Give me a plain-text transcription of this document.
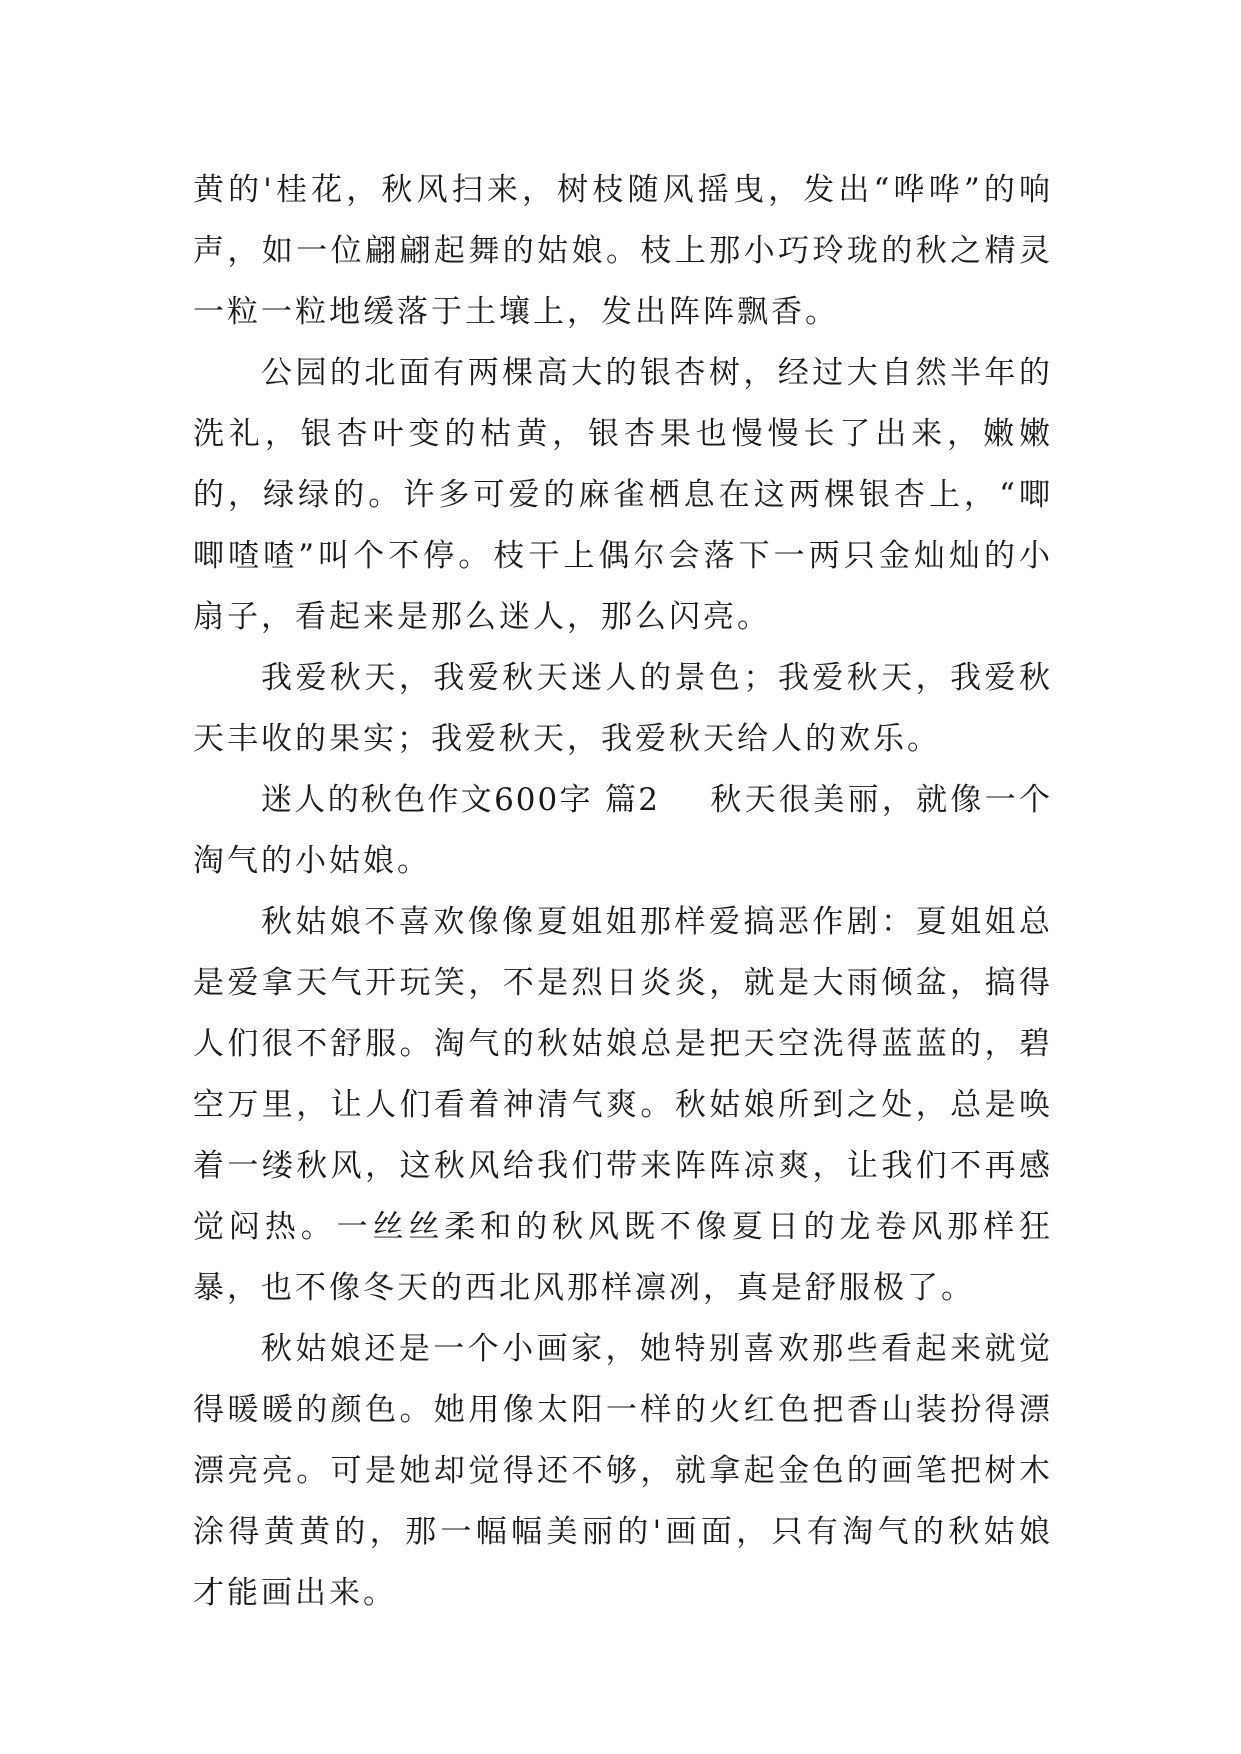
黄的'桂花，秋风扫来，树枝随风摇曳，发出“哗哗”的响声，如一位翩翩起舞的姑娘。枝上那小巧玲珑的秋之精灵一粒一粒地缓落于土壤上，发出阵阵飘香。

公园的北面有两棵高大的银杏树，经过大自然半年的洗礼，银杏叶变的枯黄，银杏果也慢慢长了出来，嫩嫩的，绿绿的。许多可爱的麻雀栖息在这两棵银杏上，“唧唧喳喳”叫个不停。枝干上偶尔会落下一两只金灿灿的小扇子，看起来是那么迷人，那么闪亮。

我爱秋天，我爱秋天迷人的景色；我爱秋天，我爱秋天丰收的果实；我爱秋天，我爱秋天给人的欢乐。

迷人的秋色作文600字 篇2 秋天很美丽，就像一个淘气的小姑娘。

秋姑娘不喜欢像像夏姐姐那样爱搞恶作剧：夏姐姐总是爱拿天气开玩笑，不是烈日炎炎，就是大雨倾盆，搞得人们很不舒服。淘气的秋姑娘总是把天空洗得蓝蓝的，碧空万里，让人们看着神清气爽。秋姑娘所到之处，总是唤着一缕秋风，这秋风给我们带来阵阵凉爽，让我们不再感觉闷热。一丝丝柔和的秋风既不像夏日的龙卷风那样狂暴，也不像冬天的西北风那样凛冽，真是舒服极了。

秋姑娘还是一个小画家，她特别喜欢那些看起来就觉得暖暖的颜色。她用像太阳一样的火红色把香山装扮得漂漂亮亮。可是她却觉得还不够，就拿起金色的画笔把树木涂得黄黄的，那一幅幅美丽的'画面，只有淘气的秋姑娘才能画出来。
